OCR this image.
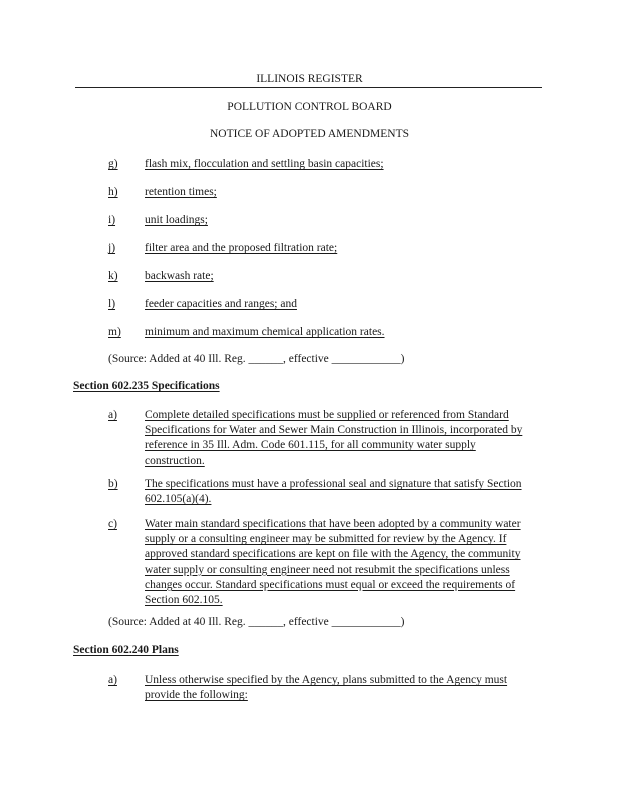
ILLINOIS REGISTER
POLLUTION CONTROL BOARD
NOTICE OF ADOPTED AMENDMENTS
g) flash mix, flocculation and settling basin capacities;
h) retention times;
i)	unit loadings;
j)	filter area and the proposed filtration rate;
k) backwash rate;
l)	feeder capacities and ranges; and
m) minimum and maximum chemical application rates.
(Source: Added at 40 Ill. Reg. ______, effective ____________)
Section 602.235 Specifications
a) Complete detailed specifications must be supplied or referenced from Standard
Specifications for Water and Sewer Main Construction in Illinois, incorporated by
reference in 35 Ill. Adm. Code 601.115, for all community water supply
construction.
b) The specifications must have a professional seal and signature that satisfy Section
602.105(a)(4).
c) Water main standard specifications that have been adopted by a community water
supply or a consulting engineer may be submitted for review by the Agency. If
approved standard specifications are kept on file with the Agency, the community
water supply or consulting engineer need not resubmit the specifications unless
changes occur. Standard specifications must equal or exceed the requirements of
Section 602.105.
(Source: Added at 40 Ill. Reg. ______, effective ____________)
Section 602.240 Plans
a) Unless otherwise specified by the Agency, plans submitted to the Agency must
provide the following:
